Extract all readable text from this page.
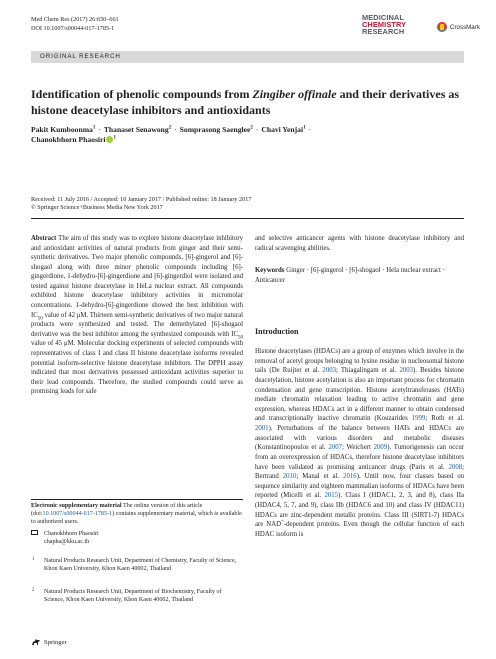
Med Chem Res (2017) 26:650–661
DOI 10.1007/s00044-017-1785-1
MEDICINAL
CHEMISTRY
RESEARCH
CrossMark
ORIGINAL RESEARCH
Identification of phenolic compounds from Zingiber offinale and their derivatives as histone deacetylase inhibitors and antioxidants
Pakit Kumboonma$^1$ · Thanaset Senawong$^2$ · Somprasong Saenglee$^2$ · Chavi Yenjai$^1$ ·
Chanokbhorn Phaosiri $^1$
Received: 11 July 2016 / Accepted: 10 January 2017 / Published online: 18 January 2017
© Springer Science+Business Media New York 2017
Abstract The aim of this study was to explore histone deacetylase inhibitory and antioxidant activities of natural products from ginger and their semi-synthetic derivatives. Two major phenolic compounds, [6]-gingerol and [6]-shogaol along with three minor phenolic compounds including [6]-gingerdione, 1-dehydro-[6]-gingerdione and [6]-gingerdiol were isolated and tested against histone deacetylase in HeLa nuclear extract. All compounds exhibited histone deacetylase inhibitory activities in micromolar concentrations. 1-dehydro-[6]-gingerdione showed the best inhibition with $IC_{50}$ value of 42 μM. Thirteen semi-synthetic derivatives of two major natural products were synthesized and tested. The demethylated [6]-shogaol derivative was the best inhibitor among the synthesized compounds with $IC_{50}$ value of 45 μM. Molecular docking experiments of selected compounds with representatives of class I and class II histone deacetylase isoforms revealed potential isoform-selective histone deacetylase inhibitors. The DPPH assay indicated that most derivatives possessed antioxidant activities superior to their lead compounds. Therefore, the studied compounds could serve as promising leads for safe
and selective anticancer agents with histone deacetylase inhibitory and radical scavenging abilities.
Keywords Ginger · [6]-gingerol · [6]-shogaol · Hela nuclear extract · Anticancer
Introduction
Histone deacetylases (HDACs) are a group of enzymes which involve in the removal of acetyl groups belonging to lysine residue in nucleosomal histone tails (De Ruijter et al. 2003; Thiagalingam et al. 2003). Besides histone deacetylation, histone acetylation is also an important process for chromatin condensation and gene transcription. Histone acetyltransferases (HATs) mediate chromatin relaxation leading to active chromatin and gene expression, whereas HDACs act in a different manner to obtain condensed and transcriptionally inactive chromatin (Kouzarides 1999; Roth et al. 2001). Perturbations of the balance between HATs and HDACs are associated with various disorders and metabolic diseases (Konstantinopoulos et al. 2007; Weichert 2009). Tumorigenesis can occur from an overexpression of HDACs, therefore histone deacetylase inhibitors have been validated as promising anticancer drugs (Paris et al. 2008; Bertrand 2010; Manal et al. 2016). Until now, four classes based on sequence similarity and eighteen mammalian isoforms of HDACs have been reported (Micelli et al. 2015). Class I (HDAC1, 2, 3, and 8), class IIa (HDAC4, 5, 7, and 9), class IIb (HDAC6 and 10) and class IV (HDAC11) HDACs are zinc-dependent metallo proteins. Class III (SIRT1-7) HDACs are NAD+-dependent proteins. Even though the cellular function of each HDAC isoform is
Electronic supplementary material The online version of this article (doi:10.1007/s00044-017-1785-1) contains supplementary material, which is available to authorized users.
Chanokbhorn Phaosiri
chapha@kku.ac.th
1	Natural Products Research Unit, Department of Chemistry, Faculty of Science, Khon Kaen University, Khon Kaen 40002, Thailand
2	Natural Products Research Unit, Department of Biochemistry, Faculty of Science, Khon Kaen University, Khon Kaen 40002, Thailand
Springer
